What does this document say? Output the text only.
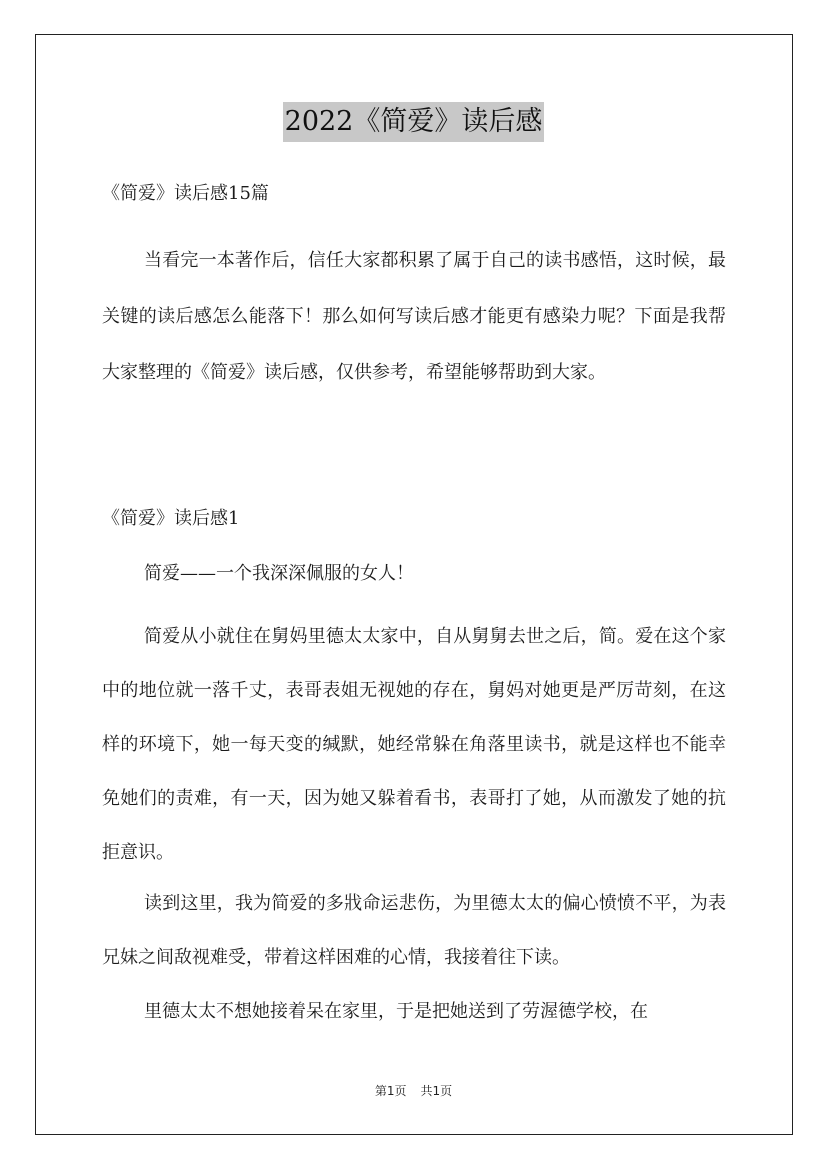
2022《简爱》读后感

《简爱》读后感15篇

当看完一本著作后，信任大家都积累了属于自己的读书感悟，这时候，最关键的读后感怎么能落下！那么如何写读后感才能更有感染力呢？下面是我帮大家整理的《简爱》读后感，仅供参考，希望能够帮助到大家。

《简爱》读后感1

简爱——一个我深深佩服的女人！

简爱从小就住在舅妈里德太太家中，自从舅舅去世之后，简。爱在这个家中的地位就一落千丈，表哥表姐无视她的存在，舅妈对她更是严厉苛刻，在这样的环境下，她一每天变的缄默，她经常躲在角落里读书，就是这样也不能幸免她们的责难，有一天，因为她又躲着看书，表哥打了她，从而激发了她的抗拒意识。

读到这里，我为简爱的多戕命运悲伤，为里德太太的偏心愤愤不平，为表兄妹之间敌视难受，带着这样困难的心情，我接着往下读。

里德太太不想她接着呆在家里，于是把她送到了劳渥德学校，在

第1页 共1页
